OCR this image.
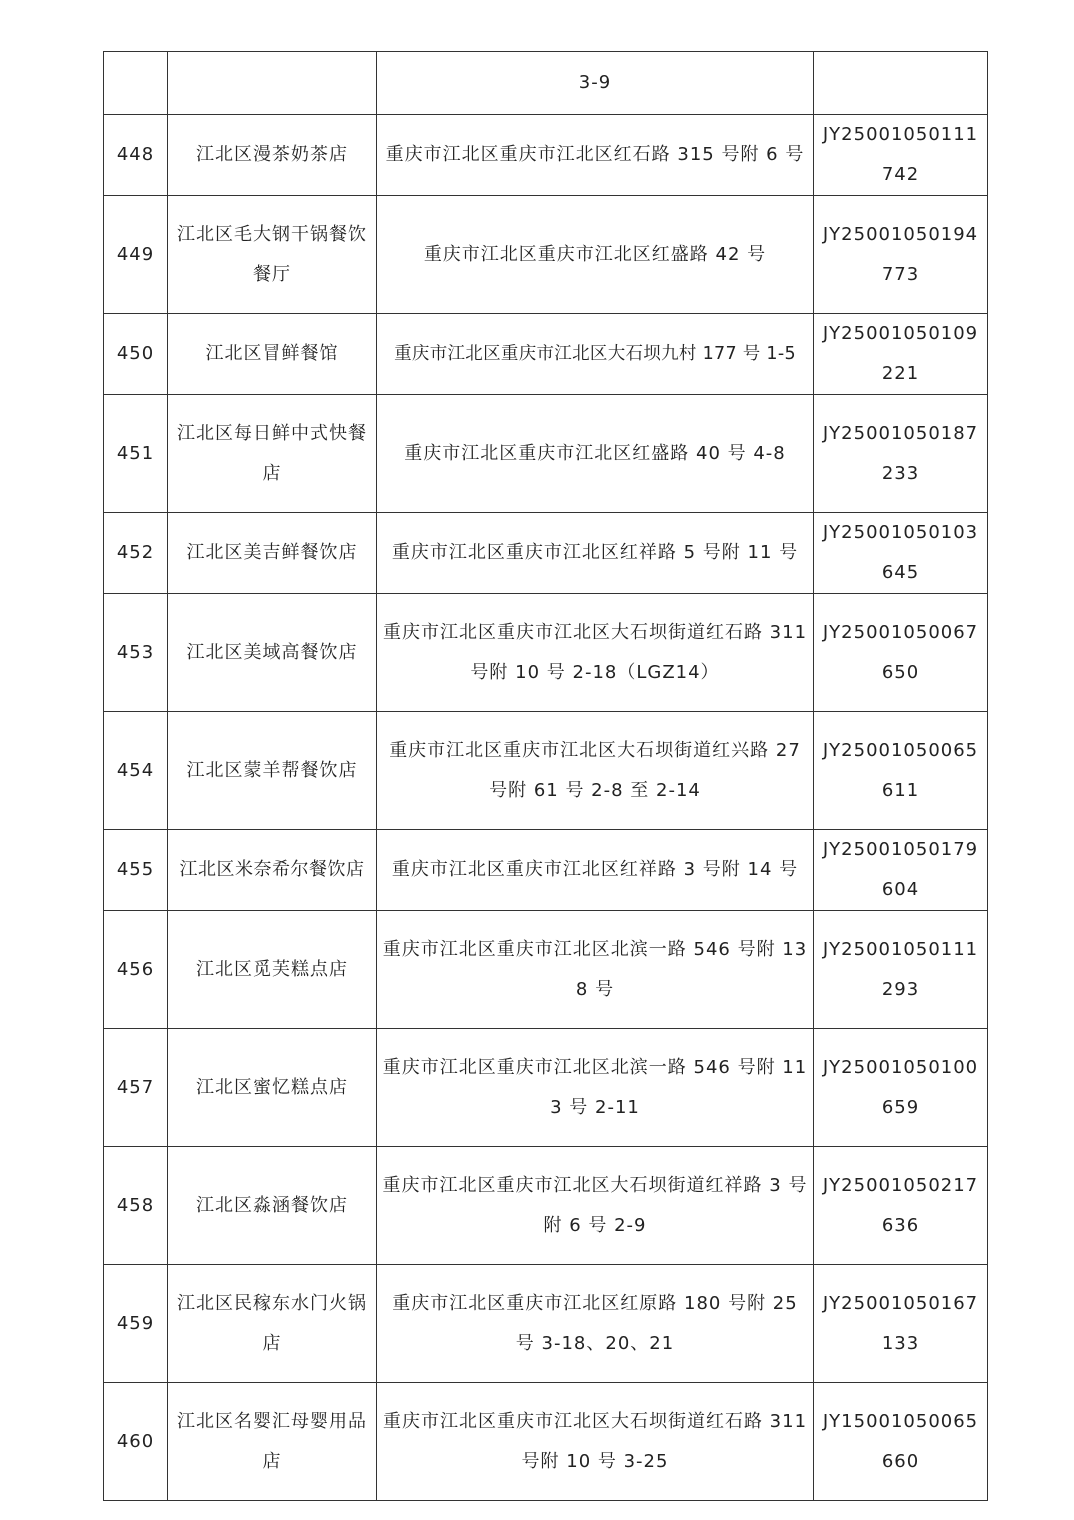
		3-9	
448	江北区漫茶奶茶店	重庆市江北区重庆市江北区红石路 315 号附 6 号	JY25001050111742
449	江北区毛大钢干锅餐饮餐厅	重庆市江北区重庆市江北区红盛路 42 号	JY25001050194773
450	江北区冒鲜餐馆	重庆市江北区重庆市江北区大石坝九村 177 号 1-5	JY25001050109221
451	江北区每日鲜中式快餐店	重庆市江北区重庆市江北区红盛路 40 号 4-8	JY25001050187233
452	江北区美吉鲜餐饮店	重庆市江北区重庆市江北区红祥路 5 号附 11 号	JY25001050103645
453	江北区美域高餐饮店	重庆市江北区重庆市江北区大石坝街道红石路 311 号附 10 号 2-18（LGZ14）	JY25001050067650
454	江北区蒙羊帮餐饮店	重庆市江北区重庆市江北区大石坝街道红兴路 27 号附 61 号 2-8 至 2-14	JY25001050065611
455	江北区米奈希尔餐饮店	重庆市江北区重庆市江北区红祥路 3 号附 14 号	JY25001050179604
456	江北区觅芙糕点店	重庆市江北区重庆市江北区北滨一路 546 号附 138 号	JY25001050111293
457	江北区蜜忆糕点店	重庆市江北区重庆市江北区北滨一路 546 号附 113 号 2-11	JY25001050100659
458	江北区淼涵餐饮店	重庆市江北区重庆市江北区大石坝街道红祥路 3 号附 6 号 2-9	JY25001050217636
459	江北区民稼东水门火锅店	重庆市江北区重庆市江北区红原路 180 号附 25 号 3-18、20、21	JY25001050167133
460	江北区名婴汇母婴用品店	重庆市江北区重庆市江北区大石坝街道红石路 311 号附 10 号 3-25	JY15001050065660
